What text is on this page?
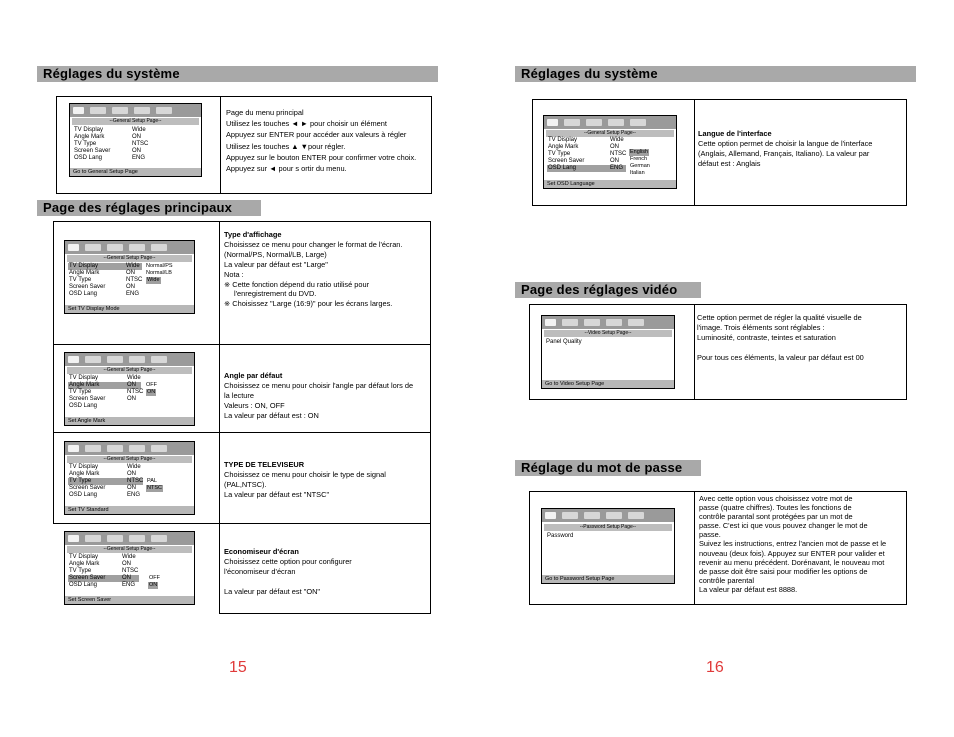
Réglages du système
--General Setup Page--
TV Display	Wide
Angle Mark	ON
TV Type	NTSC
Screen Saver	ON
OSD Lang	ENG
Go to General Setup Page

Page du menu principal

Utilisez les touches ◄ ► pour choisir un élément

Appuyez sur ENTER pour accéder aux valeurs à régler

Utilisez les touches ▲ ▼pour régler.

Appuyez sur le bouton ENTER pour confirmer votre choix.

Appuyez sur ◄ pour s ortir du menu.

Page des réglages principaux
--General Setup Page--
TV Display	Wide
Angle Mark	ON
TV Type	NTSC
Screen Saver	ON
OSD Lang	ENG
Normal/PS
Normal/LB
Wide
Set TV Display Mode

Type d'affichage

Choisissez ce menu pour changer le format de l'écran.

(Normal/PS, Normal/LB, Large)

La valeur par défaut est "Large"

Nota :

※ Cette fonction dépend du ratio utilisé pour

l'enregistrement du DVD.

※ Choisissez "Large (16:9)" pour les écrans larges.

--General Setup Page--
TV Display	Wide
Angle Mark	ON
TV Type	NTSC
Screen Saver	ON
OSD Lang
OFF
ON
Set Angle Mark

Angle par défaut

Choisissez ce menu pour choisir l'angle par défaut lors de

la lecture

Valeurs : ON, OFF

La valeur par défaut est : ON

--General Setup Page--
TV Display	Wide
Angle Mark	ON
TV Type	NTSC
Screen Saver	ON
OSD Lang	ENG
PAL
NTSC
Set TV Standard

TYPE DE TELEVISEUR

Choisissez ce menu pour choisir le type de signal

(PAL,NTSC).

La valeur par défaut est "NTSC"

--General Setup Page--
TV Display	Wide
Angle Mark	ON
TV Type	NTSC
Screen Saver	ON
OSD Lang	ENG
OFF
ON
Set Screen Saver

Economiseur d'écran

Choisissez cette option pour configurer

l'économiseur d'écran

La valeur par défaut est "ON"

15
Réglages du système
--General Setup Page--
TV Display	Wide
Angle Mark	ON
TV Type	NTSC
Screen Saver	ON
OSD Lang	ENG
English
French
German
Italian
Set OSD Language

Langue de l'interface

Cette option permet de choisir la langue de l'interface

(Anglais, Allemand, Français, Italiano). La valeur par

défaut est : Anglais

Page des réglages vidéo
--Video Setup Page--
Panel Quality
Go to Video Setup Page

Cette option permet de régler la qualité visuelle de

l'image. Trois éléments sont réglables :

Luminosité, contraste, teintes et saturation

Pour tous ces éléments, la valeur par défaut est 00

Réglage du mot de passe
--Password Setup Page--
Password
Go to Password Setup Page

Avec cette option vous choisissez votre mot de

passe (quatre chiffres). Toutes les fonctions de

contrôle parantal sont protégées par un mot de

passe. C'est ici que vous pouvez changer le mot de

passe.

Suivez les instructions, entrez l'ancien mot de passe et le

nouveau (deux fois). Appuyez sur ENTER pour valider et

revenir au menu précédent. Dorénavant, le nouveau mot

de passe doit être saisi pour modifier les options de

contrôle parental

La valeur par défaut est 8888.

16
